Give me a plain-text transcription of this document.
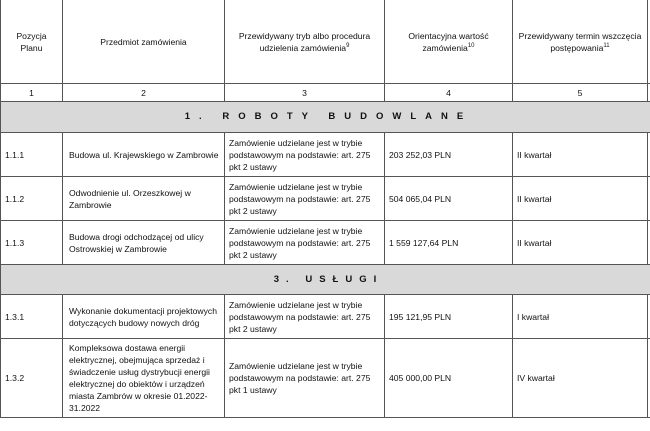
Pozycja Planu	Przedmiot zamówienia	Przewidywany tryb albo procedura udzielenia zamówienia$^9$	Orientacyjna wartość zamówienia$^{10}$	Przewidywany termin wszczęcia postępowania$^{11}$	
1	2	3	4	5	
1. ROBOTY BUDOWLANE					
1.1.1	Budowa ul. Krajewskiego w Zambrowie	Zamówienie udzielane jest w trybie podstawowym na podstawie: art. 275 pkt 2 ustawy	203 252,03 PLN	II kwartał	
1.1.2	Odwodnienie ul. Orzeszkowej w Zambrowie	Zamówienie udzielane jest w trybie podstawowym na podstawie: art. 275 pkt 2 ustawy	504 065,04 PLN	II kwartał	
1.1.3	Budowa drogi odchodzącej od ulicy Ostrowskiej w Zambrowie	Zamówienie udzielane jest w trybie podstawowym na podstawie: art. 275 pkt 2 ustawy	1 559 127,64 PLN	II kwartał	
3. USŁUGI					
1.3.1	Wykonanie dokumentacji projektowych dotyczących budowy nowych dróg	Zamówienie udzielane jest w trybie podstawowym na podstawie: art. 275 pkt 2 ustawy	195 121,95 PLN	I kwartał	
1.3.2	Kompleksowa dostawa energii elektrycznej, obejmująca sprzedaż i świadczenie usług dystrybucji energii elektrycznej do obiektów i urządzeń miasta Zambrów w okresie 01.2022-31.2022	Zamówienie udzielane jest w trybie podstawowym na podstawie: art. 275 pkt 1 ustawy	405 000,00 PLN	IV kwartał	
